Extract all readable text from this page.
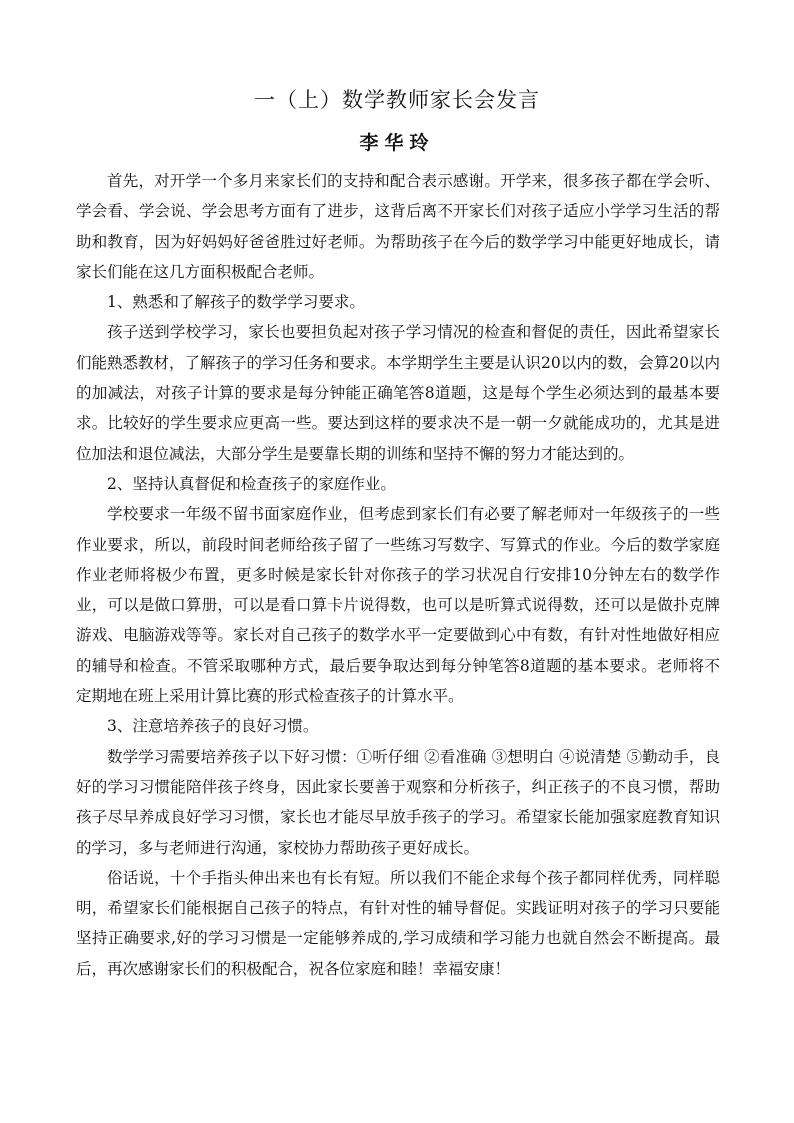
一（上）数学教师家长会发言
李华玲

首先，对开学一个多月来家长们的支持和配合表示感谢。开学来，很多孩子都在学会听、学会看、学会说、学会思考方面有了进步，这背后离不开家长们对孩子适应小学学习生活的帮助和教育，因为好妈妈好爸爸胜过好老师。为帮助孩子在今后的数学学习中能更好地成长，请家长们能在这几方面积极配合老师。

1、熟悉和了解孩子的数学学习要求。

孩子送到学校学习，家长也要担负起对孩子学习情况的检查和督促的责任，因此希望家长们能熟悉教材，了解孩子的学习任务和要求。本学期学生主要是认识20以内的数，会算20以内的加减法，对孩子计算的要求是每分钟能正确笔答8道题，这是每个学生必须达到的最基本要求。比较好的学生要求应更高一些。要达到这样的要求决不是一朝一夕就能成功的，尤其是进位加法和退位减法，大部分学生是要靠长期的训练和坚持不懈的努力才能达到的。

2、坚持认真督促和检查孩子的家庭作业。

学校要求一年级不留书面家庭作业，但考虑到家长们有必要了解老师对一年级孩子的一些作业要求，所以，前段时间老师给孩子留了一些练习写数字、写算式的作业。今后的数学家庭作业老师将极少布置，更多时候是家长针对你孩子的学习状况自行安排10分钟左右的数学作业，可以是做口算册，可以是看口算卡片说得数，也可以是听算式说得数，还可以是做扑克牌游戏、电脑游戏等等。家长对自己孩子的数学水平一定要做到心中有数，有针对性地做好相应的辅导和检查。不管采取哪种方式，最后要争取达到每分钟笔答8道题的基本要求。老师将不定期地在班上采用计算比赛的形式检查孩子的计算水平。

3、注意培养孩子的良好习惯。

数学学习需要培养孩子以下好习惯：①听仔细 ②看准确 ③想明白 ④说清楚 ⑤勤动手，良好的学习习惯能陪伴孩子终身，因此家长要善于观察和分析孩子，纠正孩子的不良习惯，帮助孩子尽早养成良好学习习惯，家长也才能尽早放手孩子的学习。希望家长能加强家庭教育知识的学习，多与老师进行沟通，家校协力帮助孩子更好成长。

俗话说，十个手指头伸出来也有长有短。所以我们不能企求每个孩子都同样优秀，同样聪明，希望家长们能根据自己孩子的特点，有针对性的辅导督促。实践证明对孩子的学习只要能坚持正确要求,好的学习习惯是一定能够养成的,学习成绩和学习能力也就自然会不断提高。最后，再次感谢家长们的积极配合，祝各位家庭和睦！幸福安康！
